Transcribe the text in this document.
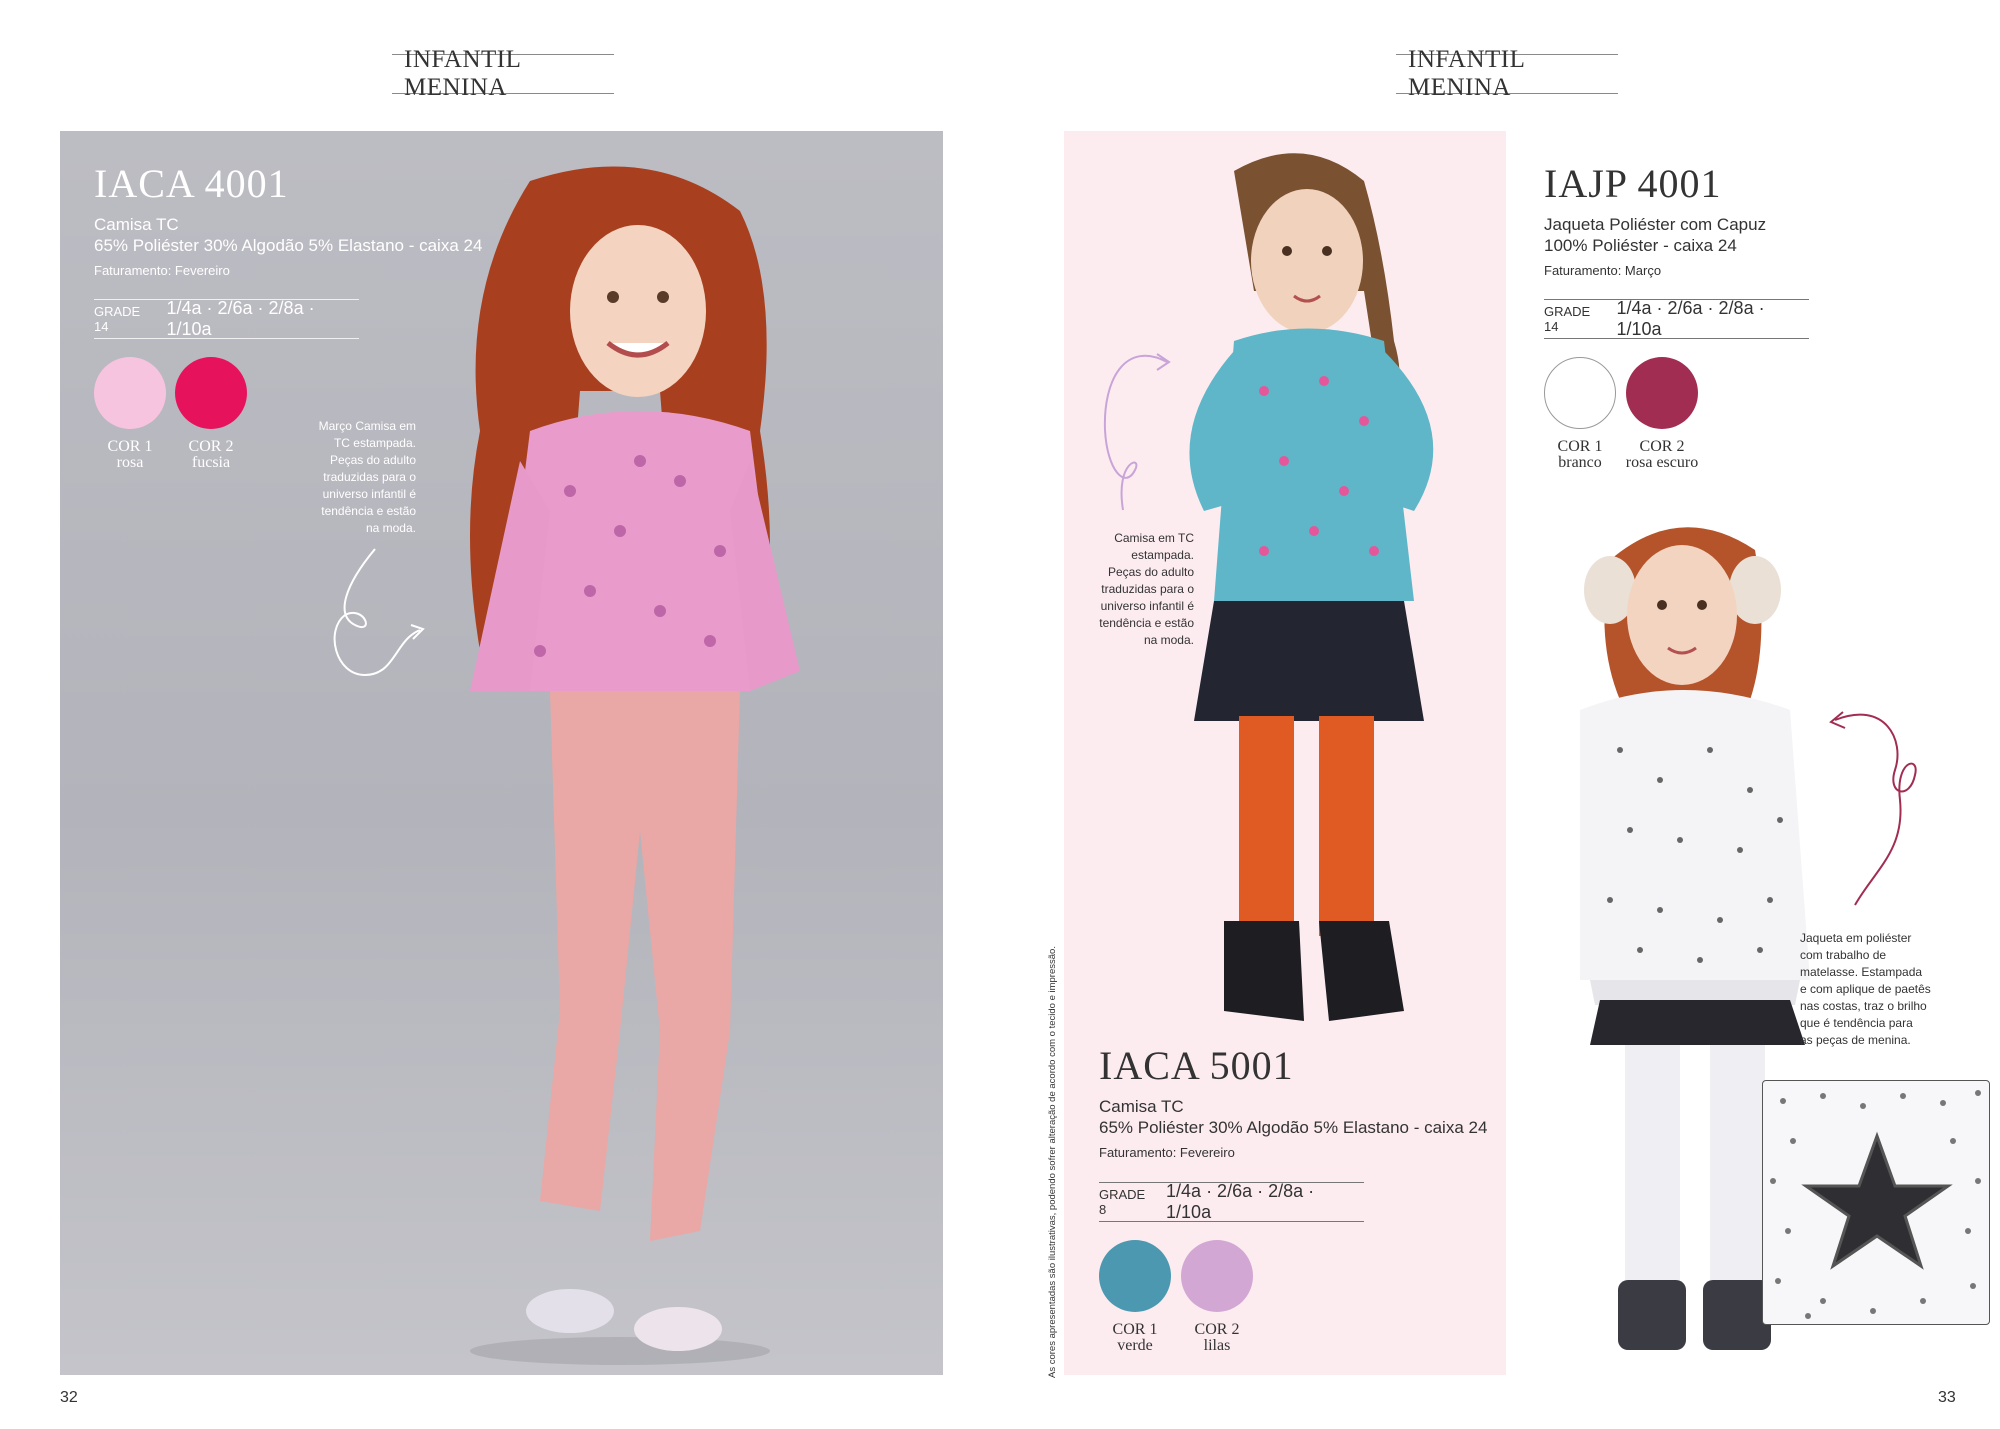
INFANTIL MENINA
IACA 4001
Camisa TC
65% Poliéster 30% Algodão 5% Elastano - caixa 24
Faturamento: Fevereiro
GRADE 14
1/4a · 2/6a · 2/8a · 1/10a
COR 1
rosa
COR 2
fucsia
Março Camisa em
TC estampada.
Peças do adulto
traduzidas para o
universo infantil é
tendência e estão
na moda.
32
INFANTIL MENINA
IACA 5001
Camisa TC
65% Poliéster 30% Algodão 5% Elastano - caixa 24
Faturamento: Fevereiro
GRADE 8
1/4a · 2/6a · 2/8a · 1/10a
COR 1
verde
COR 2
lilas
Camisa em TC
estampada.
Peças do adulto
traduzidas para o
universo infantil é
tendência e estão
na moda.
IAJP 4001
Jaqueta Poliéster com Capuz
100% Poliéster - caixa 24
Faturamento: Março
GRADE 14
1/4a · 2/6a · 2/8a · 1/10a
COR 1
branco
COR 2
rosa escuro
Jaqueta em poliéster
com trabalho de
matelasse. Estampada
e com aplique de paetês
nas costas, traz o brilho
que é tendência para
as peças de menina.
As cores apresentadas são ilustrativas, podendo sofrer alteração de acordo com o tecido e impressão.
33
